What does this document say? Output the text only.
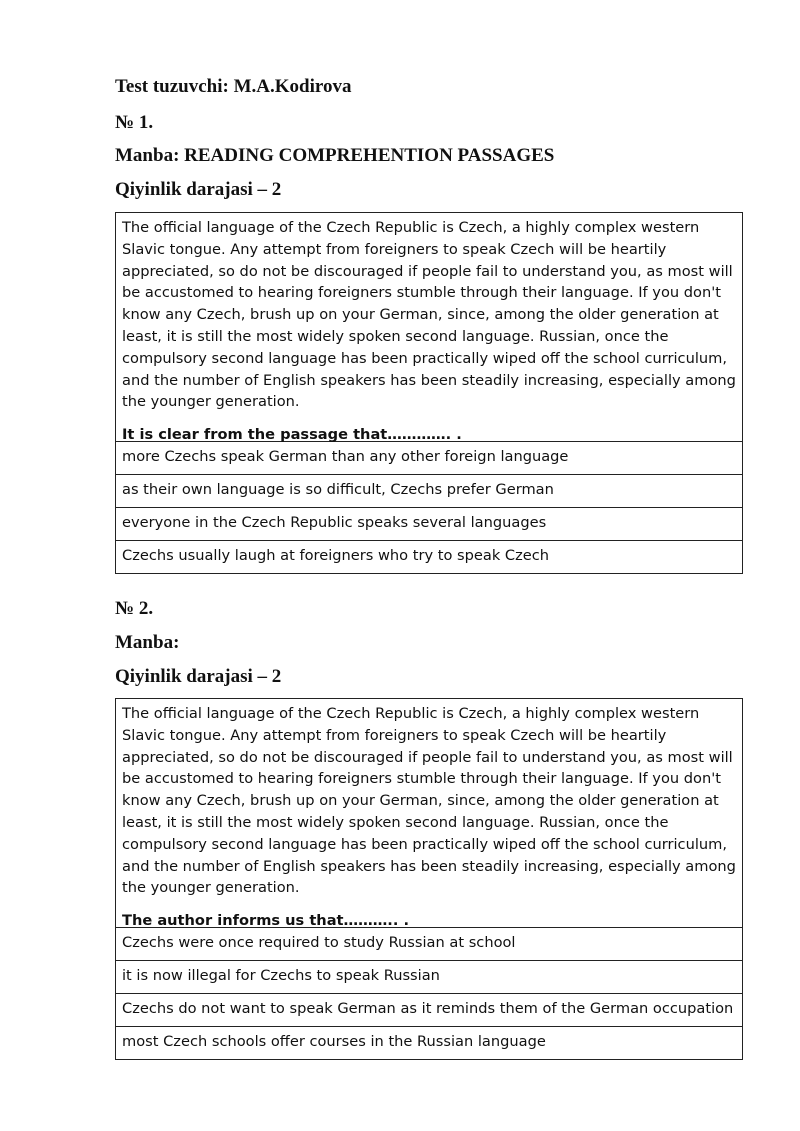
Test tuzuvchi: M.A.Kodirova
№ 1.
Manba: READING COMPREHENTION PASSAGES
Qiyinlik darajasi – 2

The official language of the Czech Republic is Czech, a highly complex western Slavic tongue. Any attempt from foreigners to speak Czech will be heartily appreciated, so do not be discouraged if people fail to understand you, as most will be accustomed to hearing foreigners stumble through their language. If you don't know any Czech, brush up on your German, since, among the older generation at least, it is still the most widely spoken second language. Russian, once the compulsory second language has been practically wiped off the school curriculum, and the number of English speakers has been steadily increasing, especially among the younger generation.

It is clear from the passage that…………. .

more Czechs speak German than any other foreign language
as their own language is so difficult, Czechs prefer German
everyone in the Czech Republic speaks several languages
Czechs usually laugh at foreigners who try to speak Czech
№ 2.
Manba:
Qiyinlik darajasi – 2

The official language of the Czech Republic is Czech, a highly complex western Slavic tongue. Any attempt from foreigners to speak Czech will be heartily appreciated, so do not be discouraged if people fail to understand you, as most will be accustomed to hearing foreigners stumble through their language. If you don't know any Czech, brush up on your German, since, among the older generation at least, it is still the most widely spoken second language. Russian, once the compulsory second language has been practically wiped off the school curriculum, and the number of English speakers has been steadily increasing, especially among the younger generation.

The author informs us that……….. .

Czechs were once required to study Russian at school
it is now illegal for Czechs to speak Russian
Czechs do not want to speak German as it reminds them of the German occupation
most Czech schools offer courses in the Russian language
